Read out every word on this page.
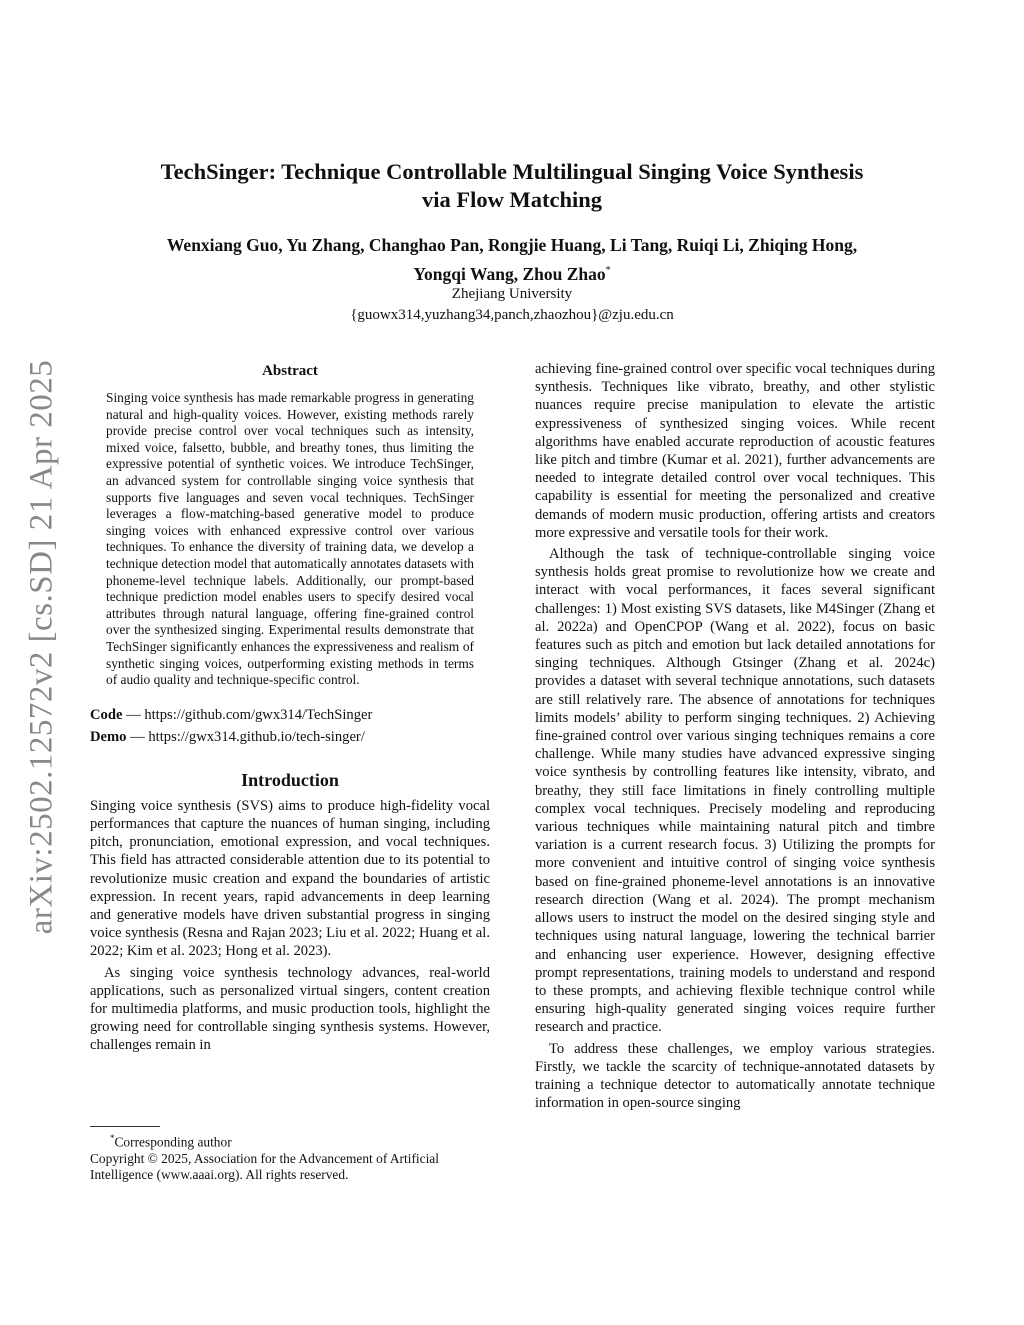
arXiv:2502.12572v2 [cs.SD] 21 Apr 2025
TechSinger: Technique Controllable Multilingual Singing Voice Synthesis
via Flow Matching
Wenxiang Guo, Yu Zhang, Changhao Pan, Rongjie Huang, Li Tang, Ruiqi Li, Zhiqing Hong,
Yongqi Wang, Zhou Zhao*
Zhejiang University
{guowx314,yuzhang34,panch,zhaozhou}@zju.edu.cn
Abstract

Singing voice synthesis has made remarkable progress in generating natural and high-quality voices. However, existing methods rarely provide precise control over vocal techniques such as intensity, mixed voice, falsetto, bubble, and breathy tones, thus limiting the expressive potential of synthetic voices. We introduce TechSinger, an advanced system for controllable singing voice synthesis that supports five languages and seven vocal techniques. TechSinger leverages a flow-matching-based generative model to produce singing voices with enhanced expressive control over various techniques. To enhance the diversity of training data, we develop a technique detection model that automatically annotates datasets with phoneme-level technique labels. Additionally, our prompt-based technique prediction model enables users to specify desired vocal attributes through natural language, offering fine-grained control over the synthesized singing. Experimental results demonstrate that TechSinger significantly enhances the expressiveness and realism of synthetic singing voices, outperforming existing methods in terms of audio quality and technique-specific control.

Code — https://github.com/gwx314/TechSinger
Demo — https://gwx314.github.io/tech-singer/
Introduction

Singing voice synthesis (SVS) aims to produce high-fidelity vocal performances that capture the nuances of human singing, including pitch, pronunciation, emotional expression, and vocal techniques. This field has attracted considerable attention due to its potential to revolutionize music creation and expand the boundaries of artistic expression. In recent years, rapid advancements in deep learning and generative models have driven substantial progress in singing voice synthesis (Resna and Rajan 2023; Liu et al. 2022; Huang et al. 2022; Kim et al. 2023; Hong et al. 2023).

As singing voice synthesis technology advances, real-world applications, such as personalized virtual singers, content creation for multimedia platforms, and music production tools, highlight the growing need for controllable singing synthesis systems. However, challenges remain in

*Corresponding author
Copyright © 2025, Association for the Advancement of Artificial Intelligence (www.aaai.org). All rights reserved.

achieving fine-grained control over specific vocal techniques during synthesis. Techniques like vibrato, breathy, and other stylistic nuances require precise manipulation to elevate the artistic expressiveness of synthesized singing voices. While recent algorithms have enabled accurate reproduction of acoustic features like pitch and timbre (Kumar et al. 2021), further advancements are needed to integrate detailed control over vocal techniques. This capability is essential for meeting the personalized and creative demands of modern music production, offering artists and creators more expressive and versatile tools for their work.

Although the task of technique-controllable singing voice synthesis holds great promise to revolutionize how we create and interact with vocal performances, it faces several significant challenges: 1) Most existing SVS datasets, like M4Singer (Zhang et al. 2022a) and OpenCPOP (Wang et al. 2022), focus on basic features such as pitch and emotion but lack detailed annotations for singing techniques. Although Gtsinger (Zhang et al. 2024c) provides a dataset with several technique annotations, such datasets are still relatively rare. The absence of annotations for techniques limits models’ ability to perform singing techniques. 2) Achieving fine-grained control over various singing techniques remains a core challenge. While many studies have advanced expressive singing voice synthesis by controlling features like intensity, vibrato, and breathy, they still face limitations in finely controlling multiple complex vocal techniques. Precisely modeling and reproducing various techniques while maintaining natural pitch and timbre variation is a current research focus. 3) Utilizing the prompts for more convenient and intuitive control of singing voice synthesis based on fine-grained phoneme-level annotations is an innovative research direction (Wang et al. 2024). The prompt mechanism allows users to instruct the model on the desired singing style and techniques using natural language, lowering the technical barrier and enhancing user experience. However, designing effective prompt representations, training models to understand and respond to these prompts, and achieving flexible technique control while ensuring high-quality generated singing voices require further research and practice.

To address these challenges, we employ various strategies. Firstly, we tackle the scarcity of technique-annotated datasets by training a technique detector to automatically annotate technique information in open-source singing
